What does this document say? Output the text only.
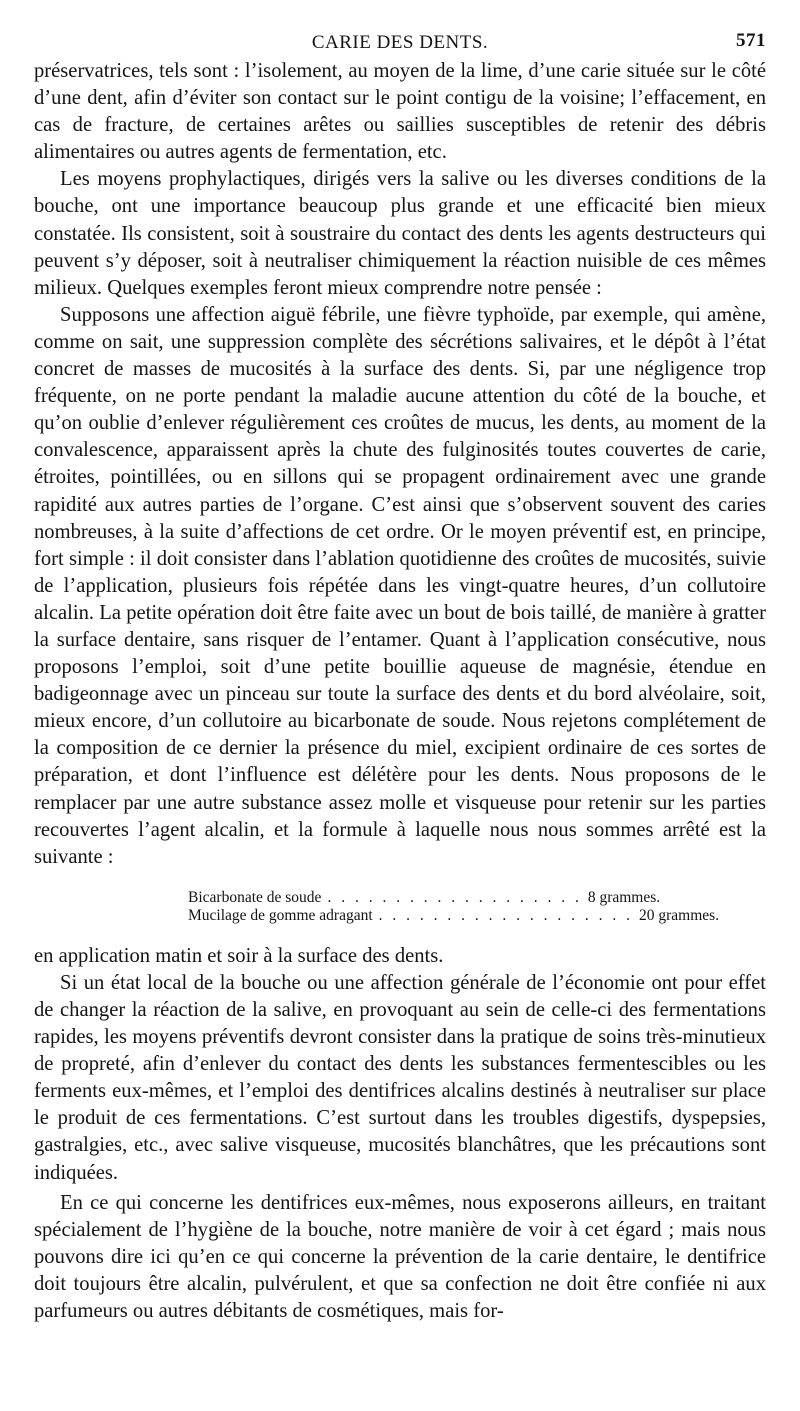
CARIE DES DENTS.	571

préservatrices, tels sont : l’isolement, au moyen de la lime, d’une carie située sur le côté d’une dent, afin d’éviter son contact sur le point contigu de la voisine; l’effacement, en cas de fracture, de certaines arêtes ou saillies susceptibles de retenir des débris alimentaires ou autres agents de fermentation, etc.

Les moyens prophylactiques, dirigés vers la salive ou les diverses conditions de la bouche, ont une importance beaucoup plus grande et une efficacité bien mieux constatée. Ils consistent, soit à soustraire du contact des dents les agents destructeurs qui peuvent s’y déposer, soit à neutraliser chimiquement la réaction nuisible de ces mêmes milieux. Quelques exemples feront mieux comprendre notre pensée :

Supposons une affection aiguë fébrile, une fièvre typhoïde, par exemple, qui amène, comme on sait, une suppression complète des sécrétions salivaires, et le dépôt à l’état concret de masses de mucosités à la surface des dents. Si, par une négligence trop fréquente, on ne porte pendant la maladie aucune attention du côté de la bouche, et qu’on oublie d’enlever régulièrement ces croûtes de mucus, les dents, au moment de la convalescence, apparaissent après la chute des fulginosités toutes couvertes de carie, étroites, pointillées, ou en sillons qui se propagent ordinairement avec une grande rapidité aux autres parties de l’organe. C’est ainsi que s’observent souvent des caries nombreuses, à la suite d’affections de cet ordre. Or le moyen préventif est, en principe, fort simple : il doit consister dans l’ablation quotidienne des croûtes de mucosités, suivie de l’application, plusieurs fois répétée dans les vingt-quatre heures, d’un collutoire alcalin. La petite opération doit être faite avec un bout de bois taillé, de manière à gratter la surface dentaire, sans risquer de l’entamer. Quant à l’application consécutive, nous proposons l’emploi, soit d’une petite bouillie aqueuse de magnésie, étendue en badigeonnage avec un pinceau sur toute la surface des dents et du bord alvéolaire, soit, mieux encore, d’un collutoire au bicarbonate de soude. Nous rejetons complétement de la composition de ce dernier la présence du miel, excipient ordinaire de ces sortes de préparation, et dont l’influence est délétère pour les dents. Nous proposons de le remplacer par une autre substance assez molle et visqueuse pour retenir sur les parties recouvertes l’agent alcalin, et la formule à laquelle nous nous sommes arrêté est la suivante :

Bicarbonate de soude . . . . . . . . . . . . . . . . . . . 8 grammes.
Mucilage de gomme adragant . . . . . . . . . . . . . . . . . . . 20 grammes.

en application matin et soir à la surface des dents.

Si un état local de la bouche ou une affection générale de l’économie ont pour effet de changer la réaction de la salive, en provoquant au sein de celle-ci des fermentations rapides, les moyens préventifs devront consister dans la pratique de soins très-minutieux de propreté, afin d’enlever du contact des dents les substances fermentescibles ou les ferments eux-mêmes, et l’emploi des dentifrices alcalins destinés à neutraliser sur place le produit de ces fermentations. C’est surtout dans les troubles digestifs, dyspepsies, gastralgies, etc., avec salive visqueuse, mucosités blanchâtres, que les précautions sont indiquées.

En ce qui concerne les dentifrices eux-mêmes, nous exposerons ailleurs, en traitant spécialement de l’hygiène de la bouche, notre manière de voir à cet égard ; mais nous pouvons dire ici qu’en ce qui concerne la prévention de la carie dentaire, le dentifrice doit toujours être alcalin, pulvérulent, et que sa confection ne doit être confiée ni aux parfumeurs ou autres débitants de cosmétiques, mais for-
